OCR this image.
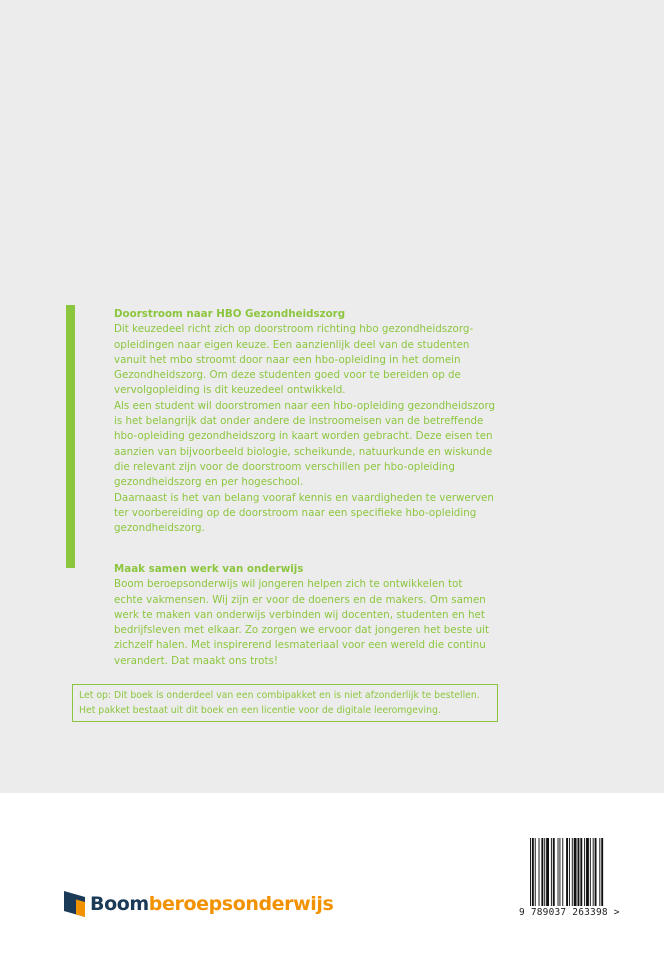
Doorstroom naar HBO Gezondheidszorg

Dit keuzedeel richt zich op doorstroom richting hbo gezondheidszorg-

opleidingen naar eigen keuze. Een aanzienlijk deel van de studenten

vanuit het mbo stroomt door naar een hbo-opleiding in het domein

Gezondheidszorg. Om deze studenten goed voor te bereiden op de

vervolgopleiding is dit keuzedeel ontwikkeld.

Als een student wil doorstromen naar een hbo-opleiding gezondheidszorg

is het belangrijk dat onder andere de instroomeisen van de betreffende

hbo-opleiding gezondheidszorg in kaart worden gebracht. Deze eisen ten

aanzien van bijvoorbeeld biologie, scheikunde, natuurkunde en wiskunde

die relevant zijn voor de doorstroom verschillen per hbo-opleiding

gezondheidszorg en per hogeschool.

Daarnaast is het van belang vooraf kennis en vaardigheden te verwerven

ter voorbereiding op de doorstroom naar een specifieke hbo-opleiding

gezondheidszorg.

Maak samen werk van onderwijs

Boom beroepsonderwijs wil jongeren helpen zich te ontwikkelen tot

echte vakmensen. Wij zijn er voor de doeners en de makers. Om samen

werk te maken van onderwijs verbinden wij docenten, studenten en het

bedrijfsleven met elkaar. Zo zorgen we ervoor dat jongeren het beste uit

zichzelf halen. Met inspirerend lesmateriaal voor een wereld die continu

verandert. Dat maakt ons trots!

Let op: Dit boek is onderdeel van een combipakket en is niet afzonderlijk te bestellen.

Het pakket bestaat uit dit boek en een licentie voor de digitale leeromgeving.

Boom beroepsonderwijs	9 789037 263398 >
